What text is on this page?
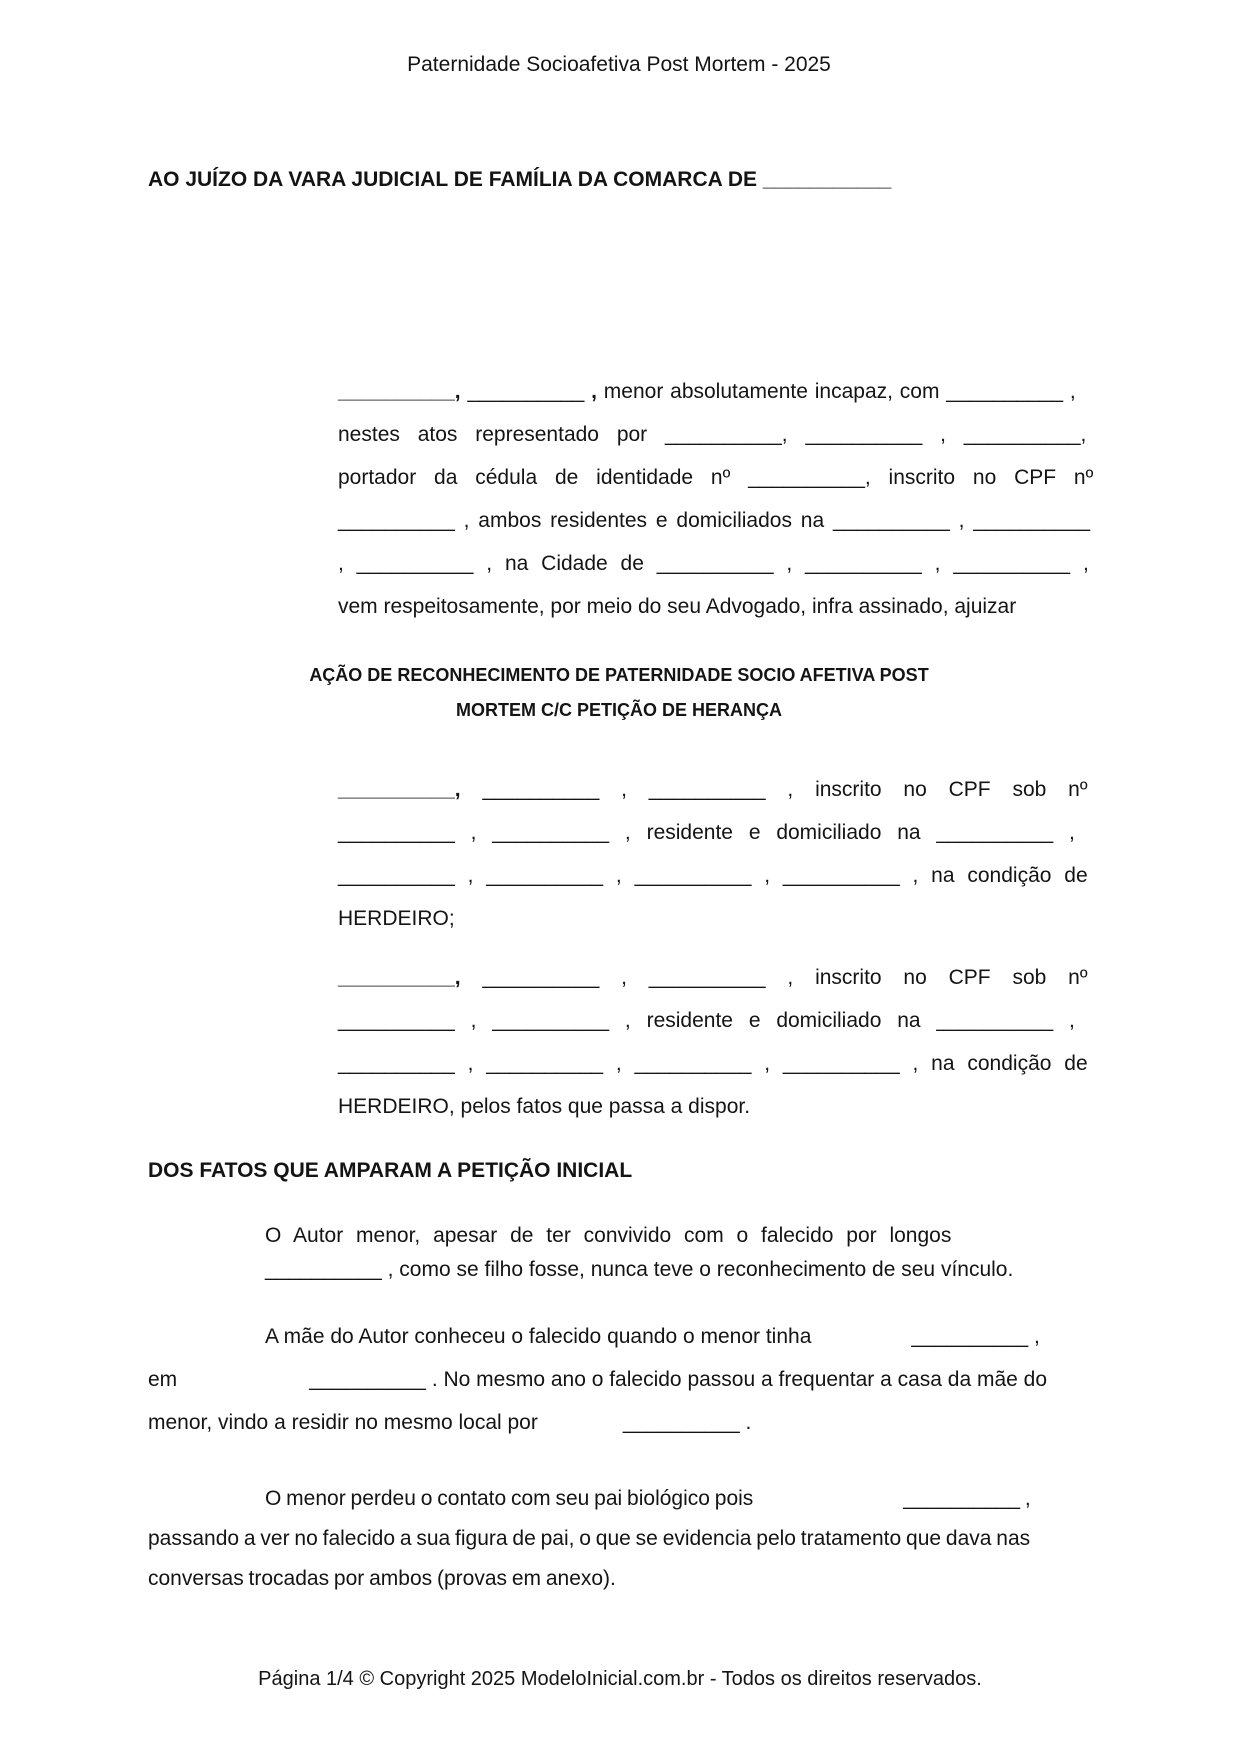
Paternidade Socioafetiva Post Mortem - 2025

AO JUÍZO DA VARA JUDICIAL DE FAMÍLIA DA COMARCA DE ___________

__________, __________ , menor absolutamente incapaz, com __________ ,
nestes atos representado por __________, __________ , __________,
portador da cédula de identidade nº __________, inscrito no CPF nº
__________ , ambos residentes e domiciliados na __________ , __________
, __________ , na Cidade de __________ , __________ , __________ ,
vem respeitosamente, por meio do seu Advogado, infra assinado, ajuizar
AÇÃO DE RECONHECIMENTO DE PATERNIDADE SOCIO AFETIVA POST MORTEM C/C PETIÇÃO DE HERANÇA
__________, __________ , __________ , inscrito no CPF sob nº
__________ , __________ , residente e domiciliado na __________ ,
__________ , __________ , __________ , __________ , na condição de
HERDEIRO;
__________, __________ , __________ , inscrito no CPF sob nº
__________ , __________ , residente e domiciliado na __________ ,
__________ , __________ , __________ , __________ , na condição de
HERDEIRO, pelos fatos que passa a dispor.
DOS FATOS QUE AMPARAM A PETIÇÃO INICIAL
O Autor menor, apesar de ter convivido com o falecido por longos
__________ , como se filho fosse, nunca teve o reconhecimento de seu vínculo.
A mãe do Autor conheceu o falecido quando o menor tinha	__________ ,
em	__________ . No mesmo ano o falecido passou a frequentar a casa da mãe do
menor, vindo a residir no mesmo local por	__________ .
O menor perdeu o contato com seu pai biológico pois	__________ ,
passando a ver no falecido a sua figura de pai, o que se evidencia pelo tratamento que dava nas
conversas trocadas por ambos (provas em anexo).
Página 1/4 © Copyright 2025 ModeloInicial.com.br - Todos os direitos reservados.
